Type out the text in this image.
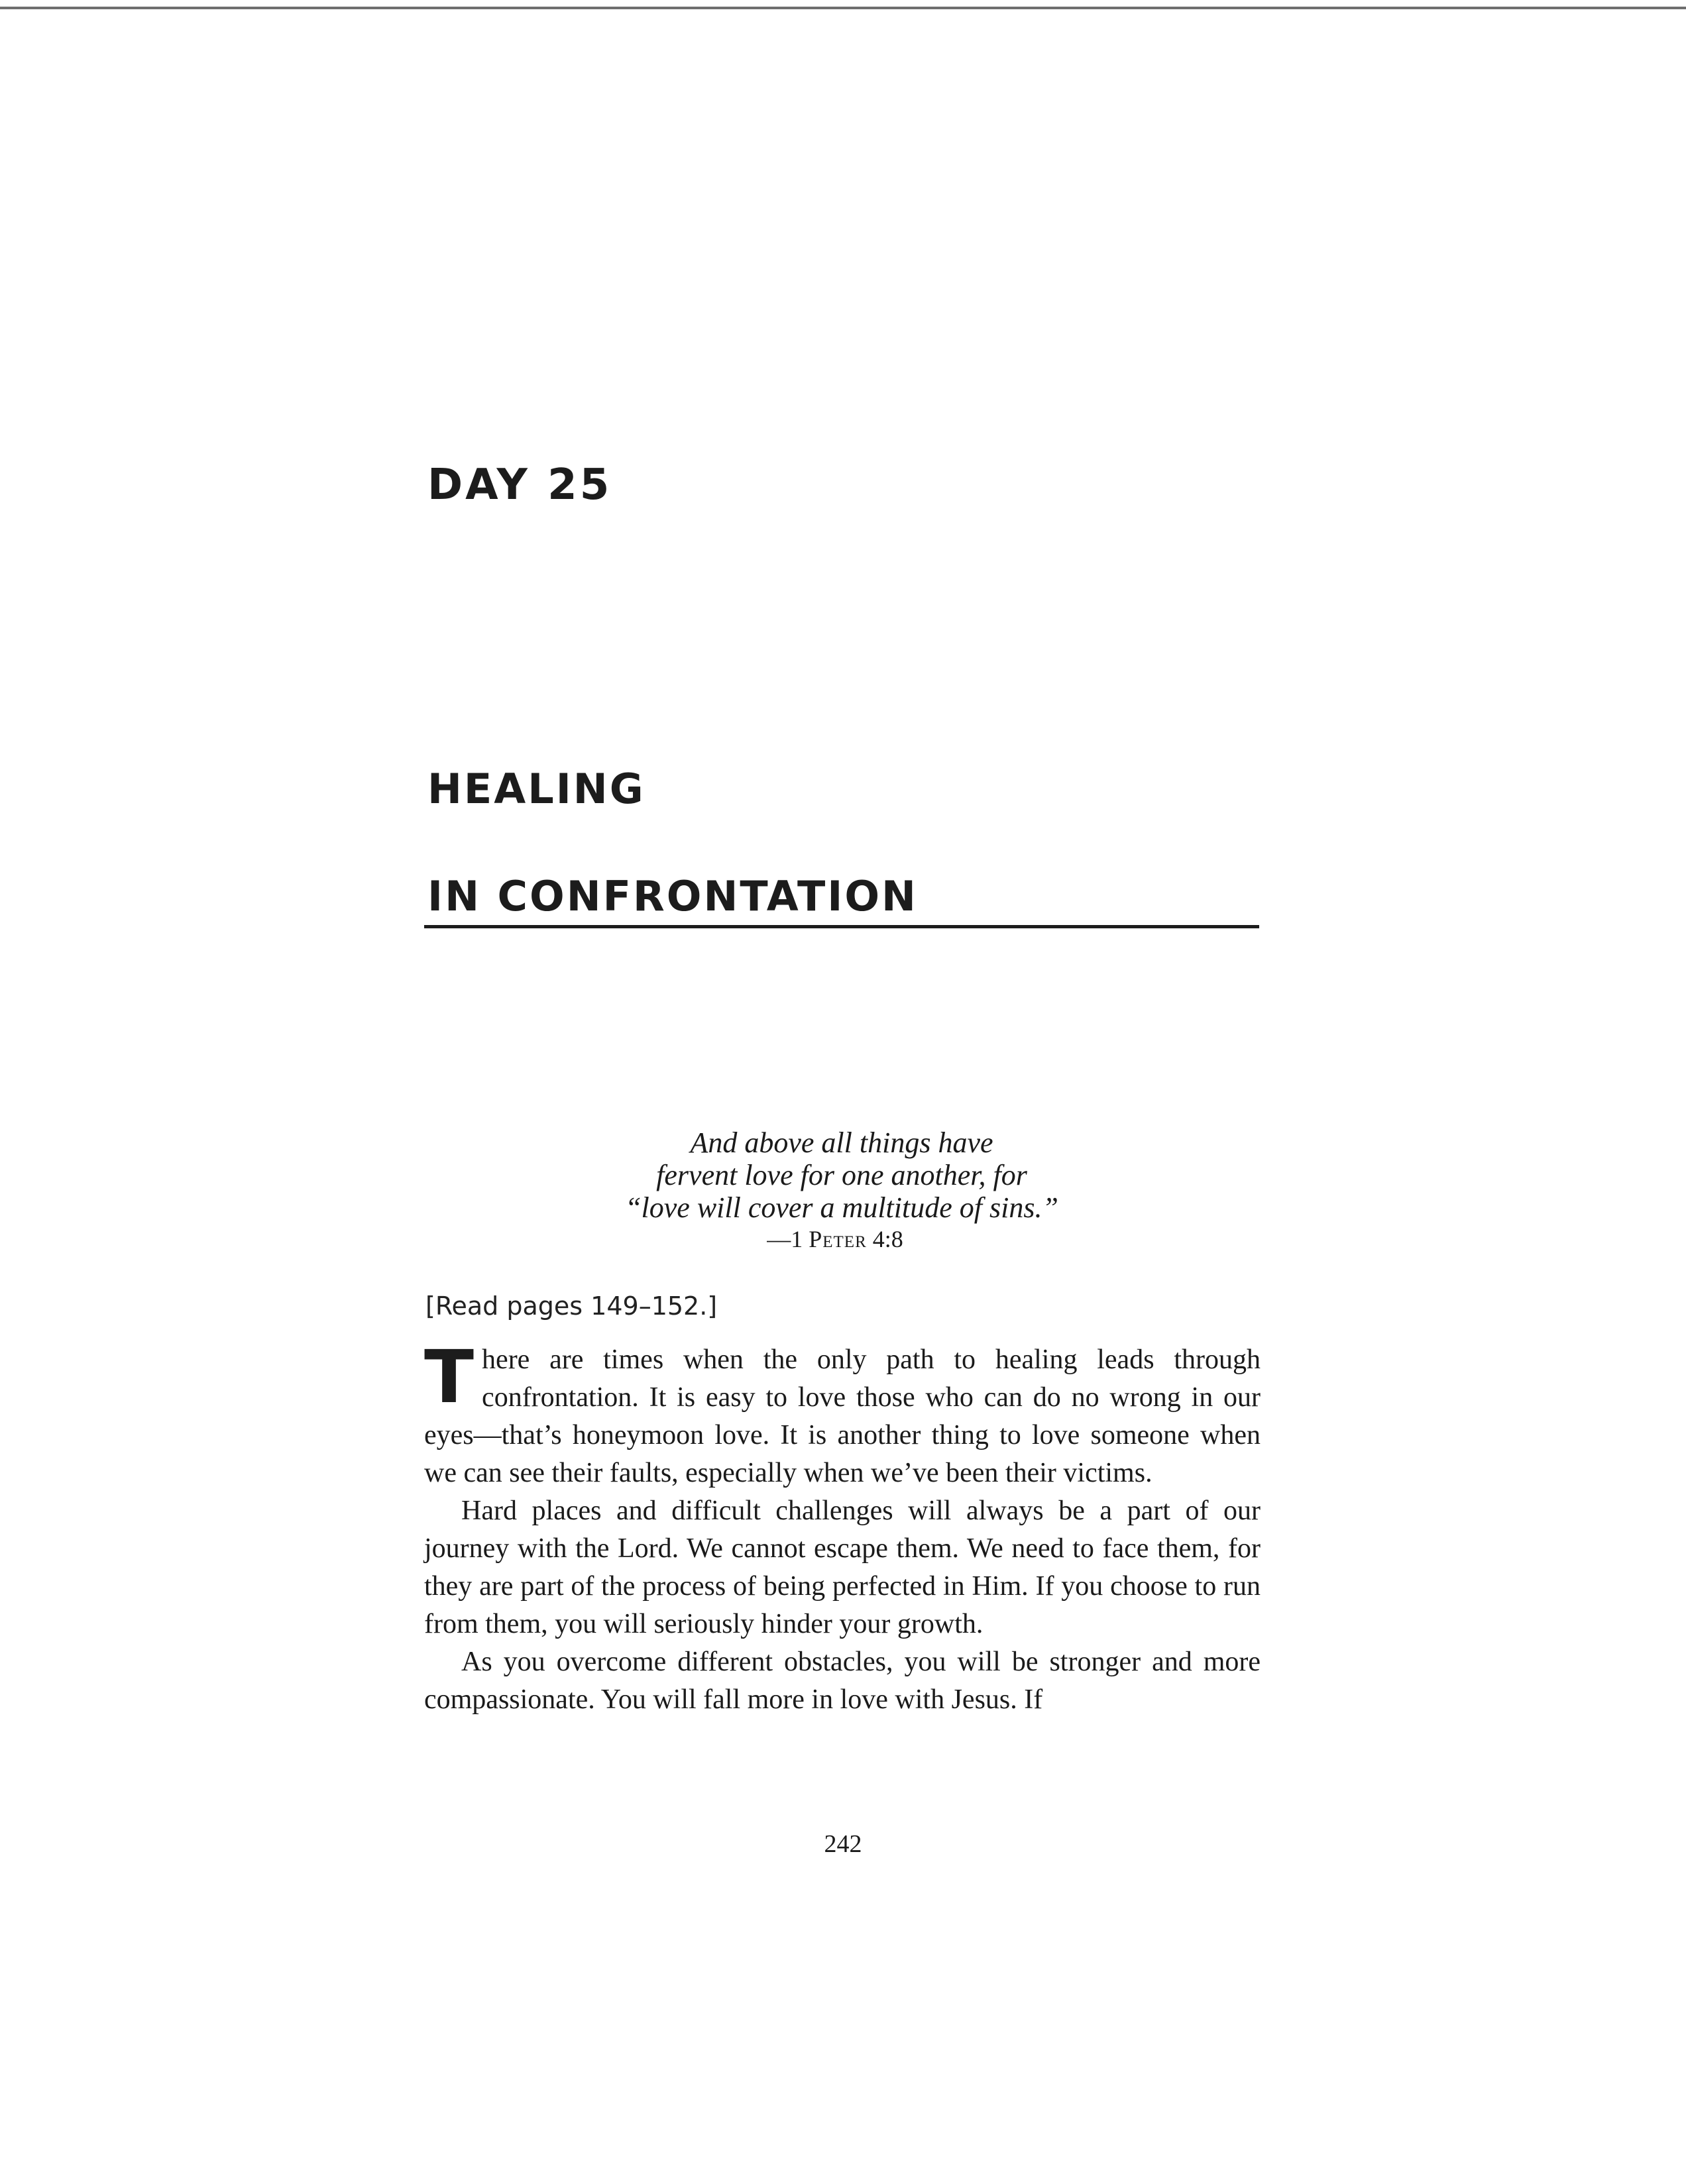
DAY 25
HEALING
IN CONFRONTATION
And above all things have
fervent love for one another, for
“love will cover a multitude of sins.”
—1 Peter 4:8

[Read pages 149–152.]

There are times when the only path to healing leads through confrontation. It is easy to love those who can do no wrong in our eyes—that’s honeymoon love. It is another thing to love someone when we can see their faults, especially when we’ve been their victims.

Hard places and difficult challenges will always be a part of our journey with the Lord. We cannot escape them. We need to face them, for they are part of the process of being perfected in Him. If you choose to run from them, you will seriously hinder your growth.

As you overcome different obstacles, you will be stronger and more compassionate. You will fall more in love with Jesus. If

242
